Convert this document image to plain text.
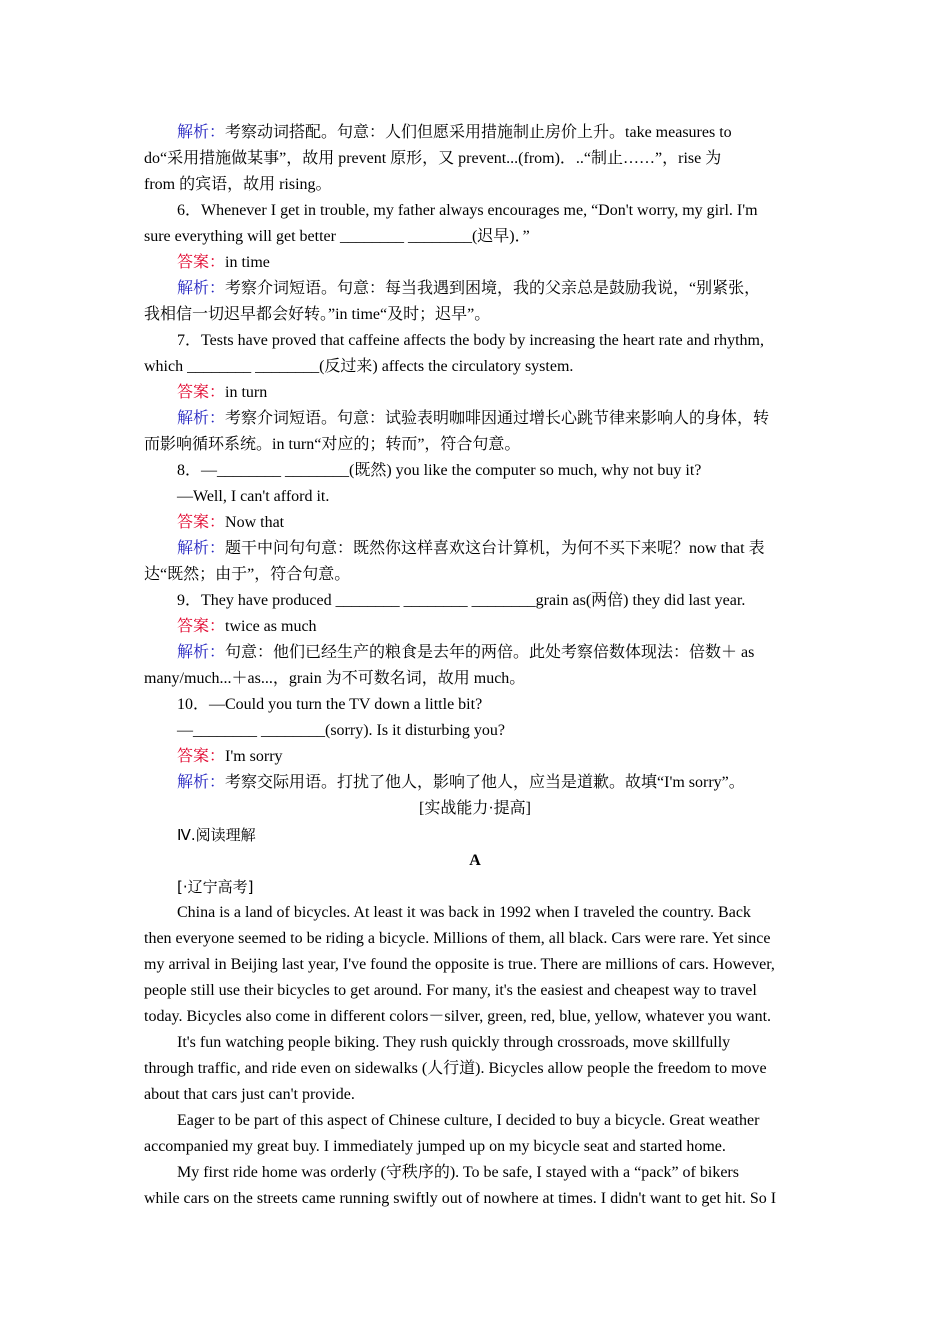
解析：考察动词搭配。句意：人们但愿采用措施制止房价上升。take measures to

do“采用措施做某事”，故用 prevent 原形，又 prevent...(from)．..“制止……”，rise 为

from 的宾语，故用 rising。

6．Whenever I get in trouble, my father always encourages me, “Don't worry, my girl. I'm

sure everything will get better ________ ________(迟早)．”

答案：in time

解析：考察介词短语。句意：每当我遇到困境，我的父亲总是鼓励我说，“别紧张，

我相信一切迟早都会好转。”in time“及时；迟早”。

7．Tests have proved that caffeine affects the body by increasing the heart rate and rhythm,

which ________ ________(反过来) affects the circulatory system.

答案：in turn

解析：考察介词短语。句意：试验表明咖啡因通过增长心跳节律来影响人的身体，转

而影响循环系统。in turn“对应的；转而”，符合句意。

8．—________ ________(既然) you like the computer so much, why not buy it?

—Well, I can't afford it.

答案：Now that

解析：题干中问句句意：既然你这样喜欢这台计算机，为何不买下来呢？now that 表

达“既然；由于”，符合句意。

9．They have produced ________ ________ ________grain as(两倍) they did last year.

答案：twice as much

解析：句意：他们已经生产的粮食是去年的两倍。此处考察倍数体现法：倍数＋ as

many/much...＋as...，grain 为不可数名词，故用 much。

10．—Could you turn the TV down a little bit?

—________ ________(sorry). Is it disturbing you?

答案：I'm sorry

解析：考察交际用语。打扰了他人，影响了他人，应当是道歉。故填“I'm sorry”。

[实战能力·提高]

Ⅳ.阅读理解

A

[·辽宁高考]

China is a land of bicycles. At least it was back in 1992 when I traveled the country. Back

then everyone seemed to be riding a bicycle. Millions of them, all black. Cars were rare. Yet since

my arrival in Beijing last year, I've found the opposite is true. There are millions of cars. However,

people still use their bicycles to get around. For many, it's the easiest and cheapest way to travel

today. Bicycles also come in different colors－silver, green, red, blue, yellow, whatever you want.

It's fun watching people biking. They rush quickly through crossroads, move skillfully

through traffic, and ride even on sidewalks (人行道). Bicycles allow people the freedom to move

about that cars just can't provide.

Eager to be part of this aspect of Chinese culture, I decided to buy a bicycle. Great weather

accompanied my great buy. I immediately jumped up on my bicycle seat and started home.

My first ride home was orderly (守秩序的). To be safe, I stayed with a “pack” of bikers

while cars on the streets came running swiftly out of nowhere at times. I didn't want to get hit. So I
